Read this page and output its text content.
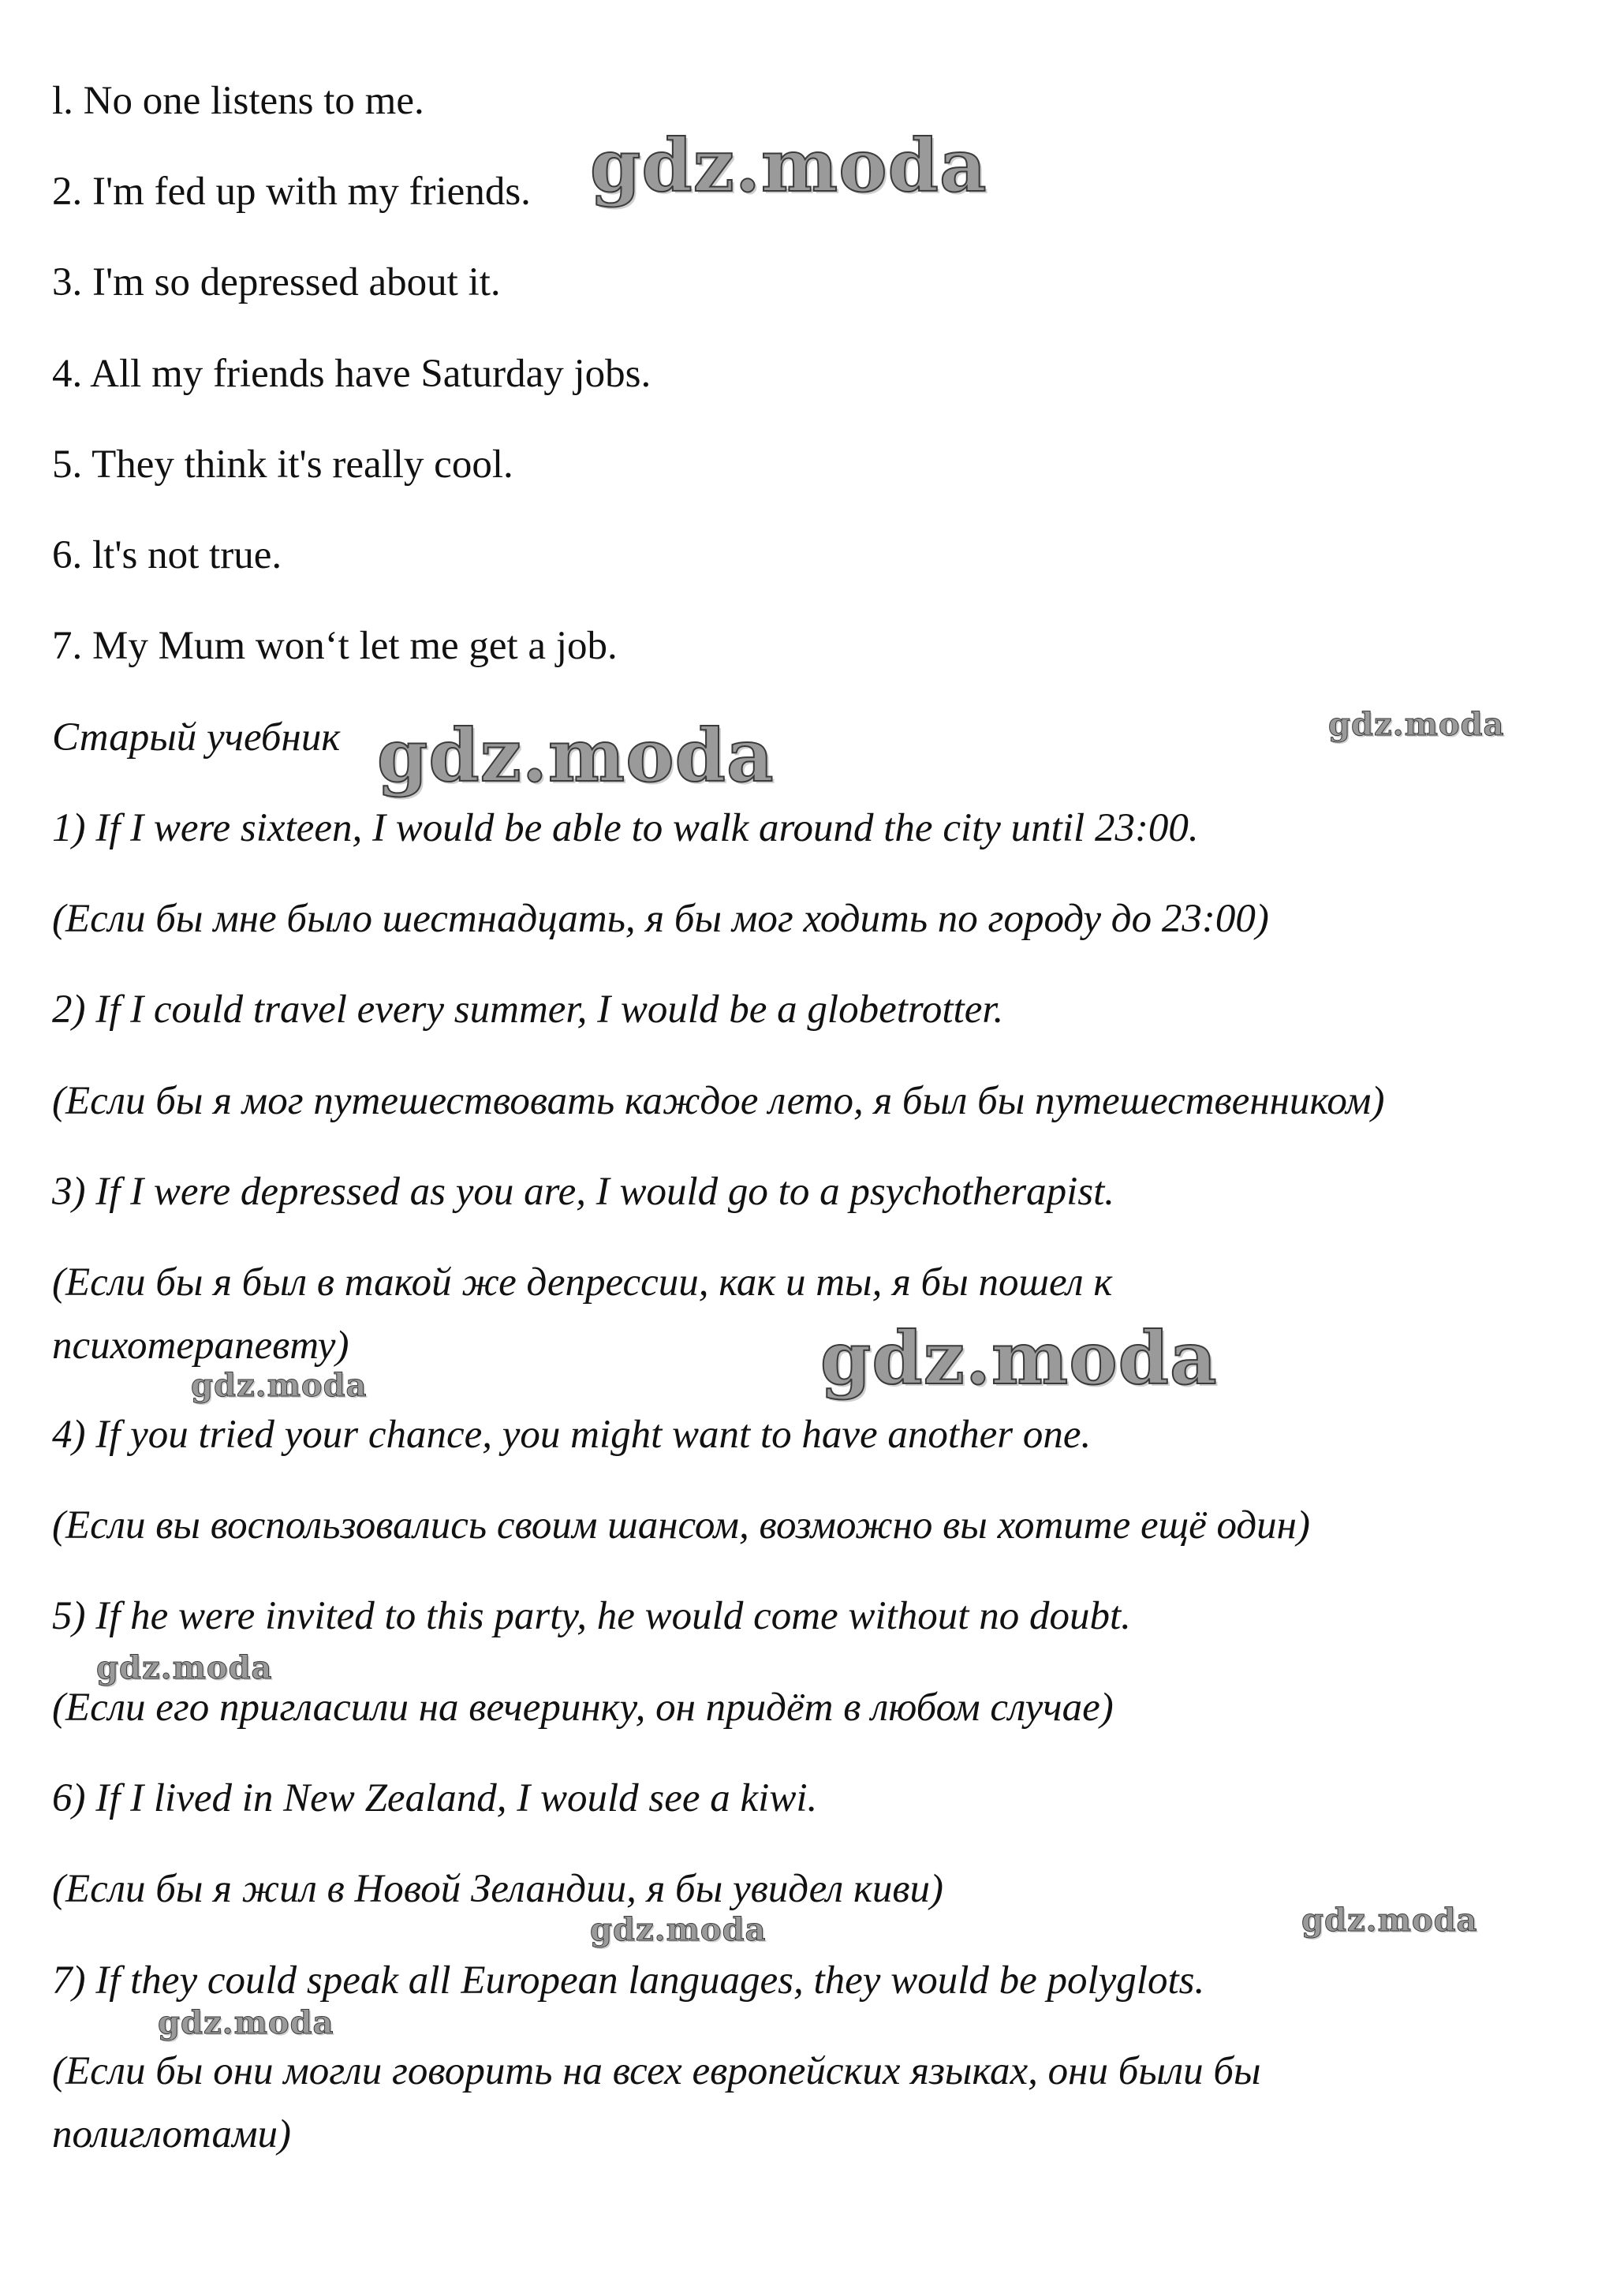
l. No one listens to me.
2. I'm fed up with my friends.
3. I'm so depressed about it.
4. All my friends have Saturday jobs.
5. They think it's really cool.
6. lt's not true.
7. My Mum won‘t let me get a job.
Старый учебник
1) If I were sixteen, I would be able to walk around the city until 23:00.
(Если бы мне было шестнадцать, я бы мог ходить по городу до 23:00)
2) If I could travel every summer, I would be a globetrotter.
(Если бы я мог путешествовать каждое лето, я был бы путешественником)
3) If I were depressed as you are, I would go to a psychotherapist.
(Если бы я был в такой же депрессии, как и ты, я бы пошел к
психотерапевту)
4) If you tried your chance, you might want to have another one.
(Если вы воспользовались своим шансом, возможно вы хотите ещё один)
5) If he were invited to this party, he would come without no doubt.
(Если его пригласили на вечеринку, он придёт в любом случае)
6) If I lived in New Zealand, I would see a kiwi.
(Если бы я жил в Новой Зеландии, я бы увидел киви)
7) If they could speak all European languages, they would be polyglots.
(Если бы они могли говорить на всех европейских языках, они были бы
полиглотами)
gdz.moda
gdz.moda	gdz.moda
gdz.moda
gdz.moda
gdz.moda
gdz.moda	gdz.moda
gdz.moda
